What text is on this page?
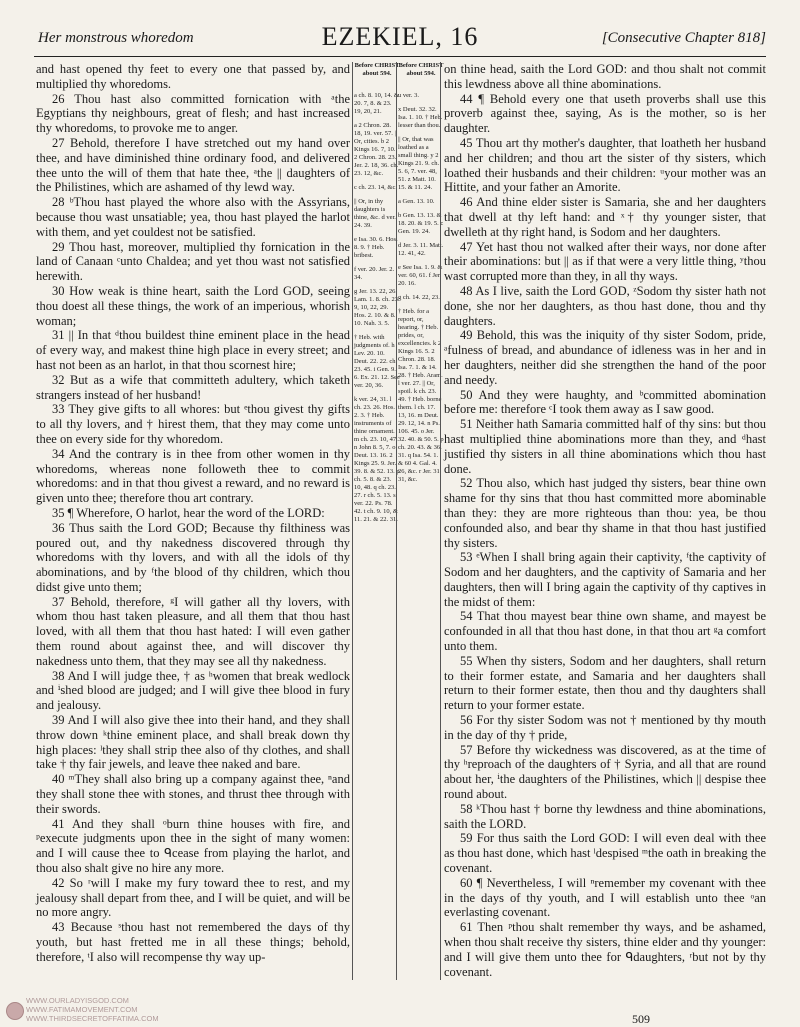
Her monstrous whoredom	EZEKIEL, 16	[Consecutive Chapter 818]

and hast opened thy feet to every one that passed by, and multiplied thy whoredoms.

26 Thou hast also committed fornication with ᵃthe Egyptians thy neighbours, great of flesh; and hast increased thy whoredoms, to provoke me to anger.

27 Behold, therefore I have stretched out my hand over thee, and have diminished thine ordinary food, and delivered thee unto the will of them that hate thee, ᵃthe || daughters of the Philistines, which are ashamed of thy lewd way.

28 ᵇThou hast played the whore also with the Assyrians, because thou wast unsatiable; yea, thou hast played the harlot with them, and yet couldest not be satisfied.

29 Thou hast, moreover, multiplied thy fornication in the land of Canaan ᶜunto Chaldea; and yet thou wast not satisfied herewith.

30 How weak is thine heart, saith the Lord GOD, seeing thou doest all these things, the work of an imperious, whorish woman;

31 || In that ᵈthou buildest thine eminent place in the head of every way, and makest thine high place in every street; and hast not been as an harlot, in that thou scornest hire;

32 But as a wife that committeth adultery, which taketh strangers instead of her husband!

33 They give gifts to all whores: but ᵉthou givest thy gifts to all thy lovers, and † hirest them, that they may come unto thee on every side for thy whoredom.

34 And the contrary is in thee from other women in thy whoredoms, whereas none followeth thee to commit whoredoms: and in that thou givest a reward, and no reward is given unto thee; therefore thou art contrary.

35 ¶ Wherefore, O harlot, hear the word of the LORD:

36 Thus saith the Lord GOD; Because thy filthiness was poured out, and thy nakedness discovered through thy whoredoms with thy lovers, and with all the idols of thy abominations, and by ᶠthe blood of thy children, which thou didst give unto them;

37 Behold, therefore, ᵍI will gather all thy lovers, with whom thou hast taken pleasure, and all them that thou hast loved, with all them that thou hast hated: I will even gather them round about against thee, and will discover thy nakedness unto them, that they may see all thy nakedness.

38 And I will judge thee, † as ʰwomen that break wedlock and ⁱshed blood are judged; and I will give thee blood in fury and jealousy.

39 And I will also give thee into their hand, and they shall throw down ᵏthine eminent place, and shall break down thy high places: ˡthey shall strip thee also of thy clothes, and shall take † thy fair jewels, and leave thee naked and bare.

40 ᵐThey shall also bring up a company against thee, ⁿand they shall stone thee with stones, and thrust thee through with their swords.

41 And they shall ᵒburn thine houses with fire, and ᵖexecute judgments upon thee in the sight of many women: and I will cause thee to ᑫcease from playing the harlot, and thou also shalt give no hire any more.

42 So ʳwill I make my fury toward thee to rest, and my jealousy shall depart from thee, and I will be quiet, and will be no more angry.

43 Because ˢthou hast not remembered the days of thy youth, but hast fretted me in all these things; behold, therefore, ᵗI also will recompense thy way up-

Before CHRIST about 594.
a ch. 8. 10, 14. & 20. 7, 8. & 23. 19, 20, 21.
a 2 Chron. 28. 18, 19. ver. 57. || Or, cities. b 2 Kings 16. 7, 10. 2 Chron. 28. 23. Jer. 2. 18, 36. ch. 23. 12, &c.
c ch. 23. 14, &c.
|| Or, in thy daughters is thine, &c. d ver. 24. 39.
e Isa. 30. 6. Hos. 8. 9. † Heb. bribest.
f ver. 20. Jer. 2. 34.
g Jer. 13. 22, 26. Lam. 1. 8. ch. 23. 9, 10, 22, 29. Hos. 2. 10. & 8. 10. Nah. 3. 5.
† Heb. with judgments of. h Lev. 20. 10. Deut. 22. 22. ch. 23. 45. i Gen. 9. 6. Ex. 21. 12. See ver. 20, 36.
k ver. 24, 31. l ch. 23. 26. Hos. 2. 3. † Heb. instruments of thine ornament. m ch. 23. 10, 47. n John 8. 5, 7. o Deut. 13. 16. 2 Kings 25. 9. Jer. 39. 8. & 52. 13. p ch. 5. 8. & 23. 10, 48. q ch. 23. 27. r ch. 5. 13. s ver. 22. Ps. 78. 42. t ch. 9. 10, & 11. 21. & 22. 31.
Before CHRIST about 594.
u ver. 3.
x Deut. 32. 32. Isa. 1. 10. † Heb. lesser than thou.
|| Or, that was loathed as a small thing. y 2 Kings 21. 9. ch. 5. 6, 7. ver. 48, 51. z Matt. 10. 15. & 11. 24.
a Gen. 13. 10.
b Gen. 13. 13. & 18. 20. & 19. 5. c Gen. 19. 24.
d Jer. 3. 11. Matt. 12. 41, 42.
e See Isa. 1. 9. & ver. 60, 61. f Jer. 20. 16.
g ch. 14. 22, 23.
† Heb. for a report, or, hearing. † Heb. prides, or, excellencies. k 2 Kings 16. 5. 2 Chron. 28. 18. Isa. 7. 1. & 14. 28. † Heb. Aram. l ver. 27. || Or, spoil. k ch. 23. 49. † Heb. borne them. l ch. 17. 13, 16. m Deut. 29. 12, 14. n Ps. 106. 45. o Jer. 32. 40. & 50. 5. p ch. 20. 43. & 36. 31. q Isa. 54. 1. & 60 4. Gal. 4. 26, &c. r Jer. 31. 31, &c.

on thine head, saith the Lord GOD: and thou shalt not commit this lewdness above all thine abominations.

44 ¶ Behold every one that useth proverbs shall use this proverb against thee, saying, As is the mother, so is her daughter.

45 Thou art thy mother's daughter, that loatheth her husband and her children; and thou art the sister of thy sisters, which loathed their husbands and their children: ᵘyour mother was an Hittite, and your father an Amorite.

46 And thine elder sister is Samaria, she and her daughters that dwell at thy left hand: and ˣ† thy younger sister, that dwelleth at thy right hand, is Sodom and her daughters.

47 Yet hast thou not walked after their ways, nor done after their abominations: but || as if that were a very little thing, ʸthou wast corrupted more than they, in all thy ways.

48 As I live, saith the Lord GOD, ᶻSodom thy sister hath not done, she nor her daughters, as thou hast done, thou and thy daughters.

49 Behold, this was the iniquity of thy sister Sodom, pride, ᵃfulness of bread, and abundance of idleness was in her and in her daughters, neither did she strengthen the hand of the poor and needy.

50 And they were haughty, and ᵇcommitted abomination before me: therefore ᶜI took them away as I saw good.

51 Neither hath Samaria committed half of thy sins: but thou hast multiplied thine abominations more than they, and ᵈhast justified thy sisters in all thine abominations which thou hast done.

52 Thou also, which hast judged thy sisters, bear thine own shame for thy sins that thou hast committed more abominable than they: they are more righteous than thou: yea, be thou confounded also, and bear thy shame in that thou hast justified thy sisters.

53 ᵉWhen I shall bring again their captivity, ᶠthe captivity of Sodom and her daughters, and the captivity of Samaria and her daughters, then will I bring again the captivity of thy captives in the midst of them:

54 That thou mayest bear thine own shame, and mayest be confounded in all that thou hast done, in that thou art ᵍa comfort unto them.

55 When thy sisters, Sodom and her daughters, shall return to their former estate, and Samaria and her daughters shall return to their former estate, then thou and thy daughters shall return to your former estate.

56 For thy sister Sodom was not † mentioned by thy mouth in the day of thy † pride,

57 Before thy wickedness was discovered, as at the time of thy ʰreproach of the daughters of † Syria, and all that are round about her, ⁱthe daughters of the Philistines, which || despise thee round about.

58 ᵏThou hast † borne thy lewdness and thine abominations, saith the LORD.

59 For thus saith the Lord GOD: I will even deal with thee as thou hast done, which hast ˡdespised ᵐthe oath in breaking the covenant.

60 ¶ Nevertheless, I will ⁿremember my covenant with thee in the days of thy youth, and I will establish unto thee ᵒan everlasting covenant.

61 Then ᵖthou shalt remember thy ways, and be ashamed, when thou shalt receive thy sisters, thine elder and thy younger: and I will give them unto thee for ᑫdaughters, ʳbut not by thy covenant.

WWW.OURLADYISGOD.COM
WWW.FATIMAMOVEMENT.COM
WWW.THIRDSECRETOFFATIMA.COM	509
